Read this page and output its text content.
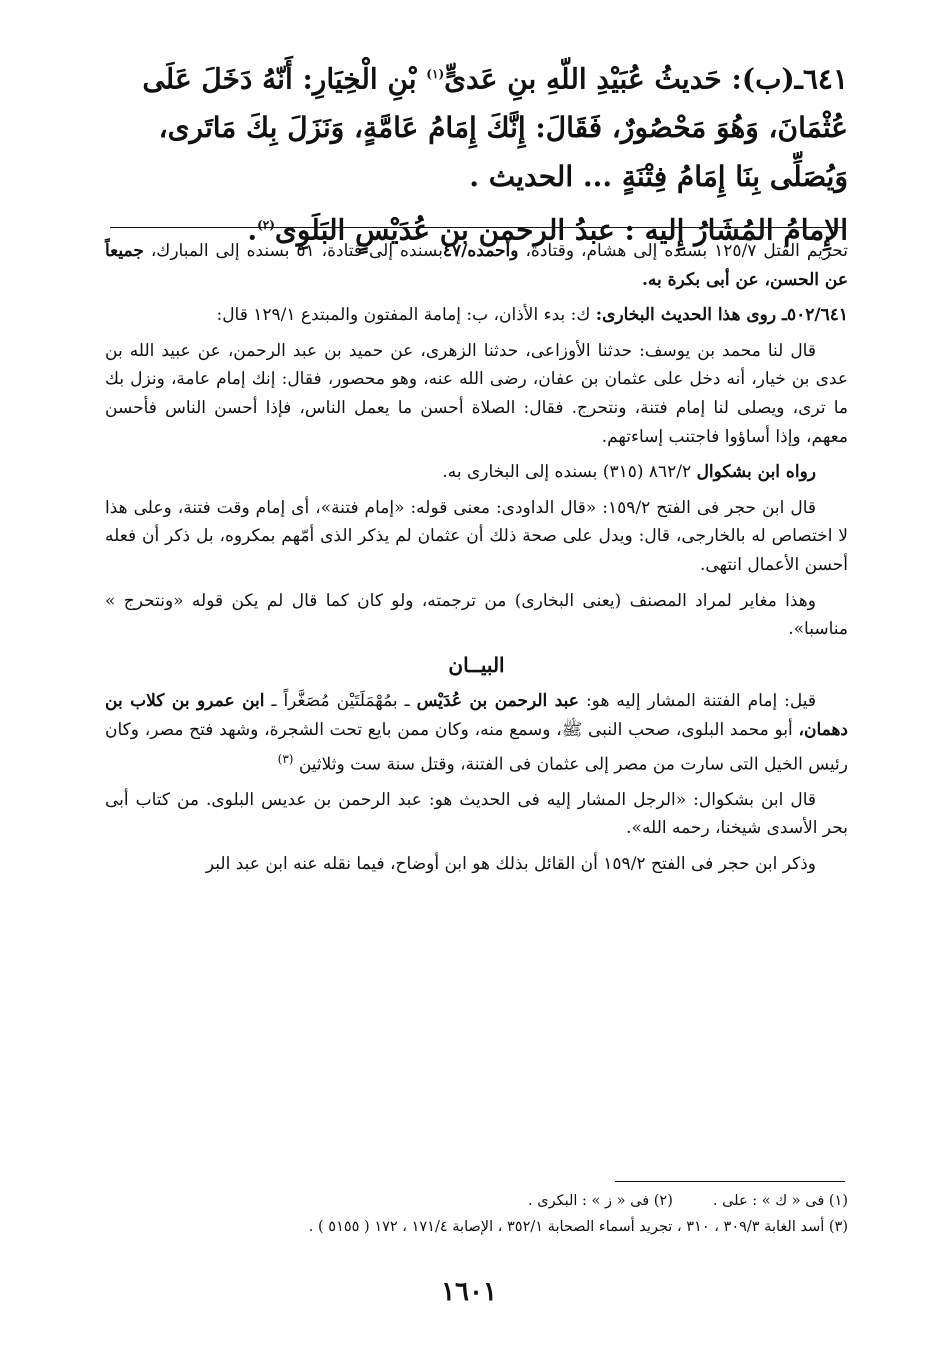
٦٤١ـ(ب): حَديثُ عُبَيْدِ اللّهِ بنِ عَدىٍّ$^{(١)}$ بْنِ الْخِيَارِ: أَنّهُ دَخَلَ عَلَى عُثْمَانَ، وَهُوَ مَحْصُورٌ، فَقَالَ: إِنَّكَ إِمَامُ عَامَّةٍ، وَنَزَلَ بِكَ مَاتَرى، وَيُصَلِّى بِنَا إِمَامُ فِتْنَةٍ ... الحديث .
الإِمامُ المُشَارُ إِليه : عبدُ الرحمن بن عُدَيْسٍ البَلَوِى$^{(٢)}$.

تحريم القتل ١٢٥/٧ بسنده إلى هشام، وقتادة، وأحمده/٤٧بسنده إلى قتادة، ٥١ بسنده إلى المبارك، جميعاً عن الحسن، عن أبى بكرة به.

٥٠٢/٦٤١ـ روى هذا الحديث البخارى: ك: بدء الأذان، ب: إمامة المفتون والمبتدع ١٢٩/١ قال:

قال لنا محمد بن يوسف: حدثنا الأوزاعى، حدثنا الزهرى، عن حميد بن عبد الرحمن، عن عبيد الله بن عدى بن خيار، أنه دخل على عثمان بن عفان، رضى الله عنه، وهو محصور، فقال: إنك إمام عامة، ونزل بك ما ترى، ويصلى لنا إمام فتنة، ونتحرج. فقال: الصلاة أحسن ما يعمل الناس، فإذا أحسن الناس فأحسن معهم، وإذا أساؤوا فاجتنب إساءتهم.

رواه ابن بشكوال ٨٦٢/٢ (٣١٥) بسنده إلى البخارى به.

قال ابن حجر فى الفتح ١٥٩/٢: «قال الداودى: معنى قوله: «إمام فتنة»، أى إمام وقت فتنة، وعلى هذا لا اختصاص له بالخارجى، قال: ويدل على صحة ذلك أن عثمان لم يذكر الذى أمّهم بمكروه، بل ذكر أن فعله أحسن الأعمال انتهى.

وهذا مغاير لمراد المصنف (يعنى البخارى) من ترجمته، ولو كان كما قال لم يكن قوله «ونتحرج » مناسبا».

البيــان

قيل: إمام الفتنة المشار إليه هو: عبد الرحمن بن عُدَيْس ـ بمُهْمَلَتَيْن مُصَغَّراً ـ ابن عمرو بن كلاب بن دهمان، أبو محمد البلوى، صحب النبى ﷺ، وسمع منه، وكان ممن بايع تحت الشجرة، وشهد فتح مصر، وكان رئيس الخيل التى سارت من مصر إلى عثمان فى الفتنة، وقتل سنة ست وثلاثين $^{(٣)}$

قال ابن بشكوال: «الرجل المشار إليه فى الحديث هو: عبد الرحمن بن عديس البلوى. من كتاب أبى بحر الأسدى شيخنا، رحمه الله».

وذكر ابن حجر فى الفتح ١٥٩/٢ أن القائل بذلك هو ابن أوضاح، فيما نقله عنه ابن عبد البر

(١) فى « ك » : على .
(٢) فى « ز » : البكرى .
(٣) أسد الغابة ٣٠٩/٣ ، ٣١٠ ، تجريد أسماء الصحابة ٣٥٢/١ ، الإصابة ١٧١/٤ ، ١٧٢ ( ٥١٥٥ ) .
١٦٠١
